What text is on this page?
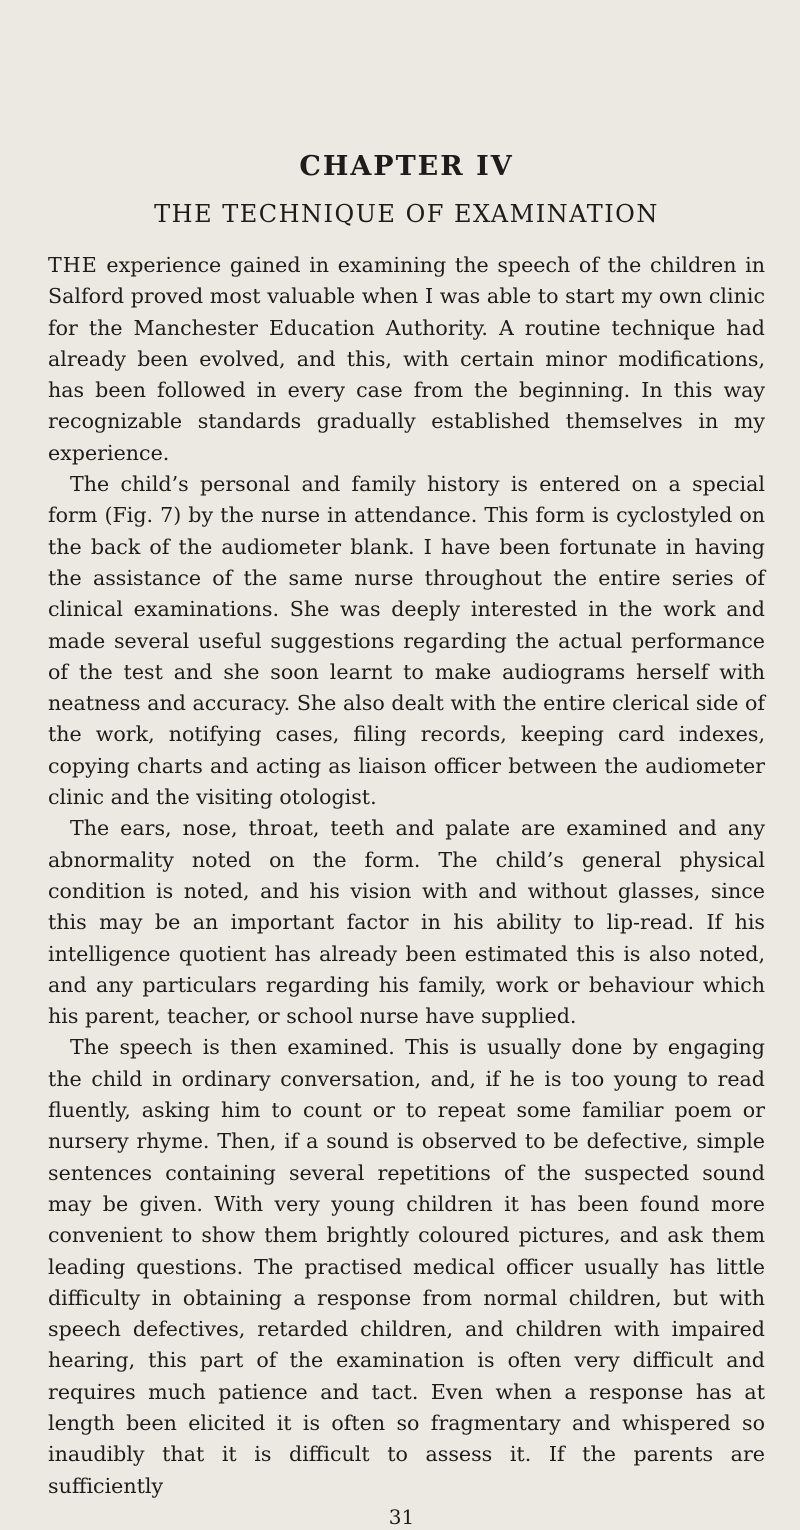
CHAPTER IV
THE TECHNIQUE OF EXAMINATION

THE experience gained in examining the speech of the children in Salford proved most valuable when I was able to start my own clinic for the Manchester Education Authority. A routine technique had already been evolved, and this, with certain minor modifications, has been followed in every case from the beginning. In this way recognizable standards gradually established themselves in my experience.

The child’s personal and family history is entered on a special form (Fig. 7) by the nurse in attendance. This form is cyclostyled on the back of the audiometer blank. I have been fortunate in having the assistance of the same nurse throughout the entire series of clinical examinations. She was deeply interested in the work and made several useful suggestions regarding the actual performance of the test and she soon learnt to make audiograms herself with neatness and accuracy. She also dealt with the entire clerical side of the work, notifying cases, filing records, keeping card indexes, copying charts and acting as liaison officer between the audiometer clinic and the visiting otologist.

The ears, nose, throat, teeth and palate are examined and any abnormality noted on the form. The child’s general physical condition is noted, and his vision with and without glasses, since this may be an important factor in his ability to lip-read. If his intelligence quotient has already been estimated this is also noted, and any particulars regarding his family, work or behaviour which his parent, teacher, or school nurse have supplied.

The speech is then examined. This is usually done by engaging the child in ordinary conversation, and, if he is too young to read fluently, asking him to count or to repeat some familiar poem or nursery rhyme. Then, if a sound is observed to be defective, simple sentences containing several repetitions of the suspected sound may be given. With very young children it has been found more convenient to show them brightly coloured pictures, and ask them leading questions. The practised medical officer usually has little difficulty in obtaining a response from normal children, but with speech defectives, retarded children, and children with impaired hearing, this part of the examination is often very difficult and requires much patience and tact. Even when a response has at length been elicited it is often so fragmentary and whispered so inaudibly that it is difficult to assess it. If the parents are sufficiently

31
